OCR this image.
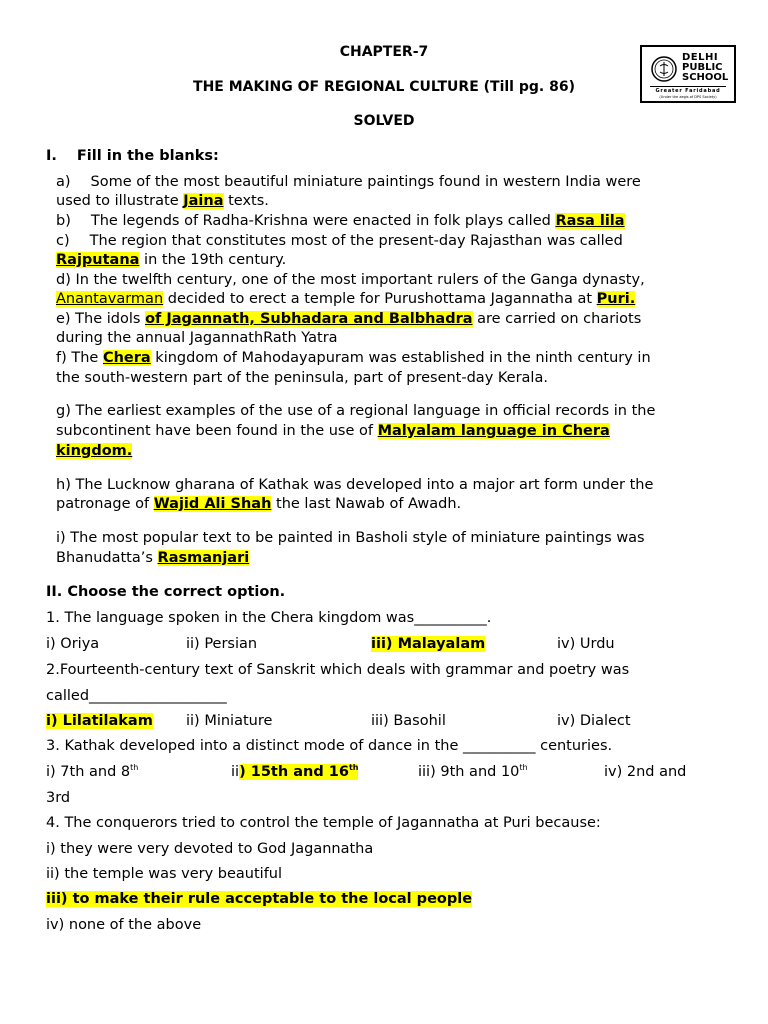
CHAPTER-7
THE MAKING OF REGIONAL CULTURE (Till pg. 86)
SOLVED
DELHI
PUBLIC
SCHOOL
Greater Faridabad
(Under the aegis of DPS Society)
I. Fill in the blanks:
a) Some of the most beautiful miniature paintings found in western India were
used to illustrate Jaina texts.
b) The legends of Radha-Krishna were enacted in folk plays called Rasa lila
c) The region that constitutes most of the present-day Rajasthan was called
Rajputana in the 19th century.
d) In the twelfth century, one of the most important rulers of the Ganga dynasty,
Anantavarman decided to erect a temple for Purushottama Jagannatha at Puri.
e) The idols of Jagannath, Subhadara and Balbhadra are carried on chariots
during the annual JagannathRath Yatra
f) The Chera kingdom of Mahodayapuram was established in the ninth century in
the south-western part of the peninsula, part of present-day Kerala.
g) The earliest examples of the use of a regional language in official records in the
subcontinent have been found in the use of Malyalam language in Chera
kingdom.
h) The Lucknow gharana of Kathak was developed into a major art form under the
patronage of Wajid Ali Shah the last Nawab of Awadh.
i) The most popular text to be painted in Basholi style of miniature paintings was
Bhanudatta’s Rasmanjari
II. Choose the correct option.
1. The language spoken in the Chera kingdom was__________.
i) Oriya	ii) Persian	iii) Malayalam	iv) Urdu
2.Fourteenth-century text of Sanskrit which deals with grammar and poetry was
called___________________
i) Lilatilakam ii) Miniature	iii) Basohil	iv) Dialect
3. Kathak developed into a distinct mode of dance in the __________ centuries.
i) 7th and 8th	ii) 15th and 16th	iii) 9th and 10th	iv) 2nd and
3rd
4. The conquerors tried to control the temple of Jagannatha at Puri because:
i) they were very devoted to God Jagannatha
ii) the temple was very beautiful
iii) to make their rule acceptable to the local people
iv) none of the above
